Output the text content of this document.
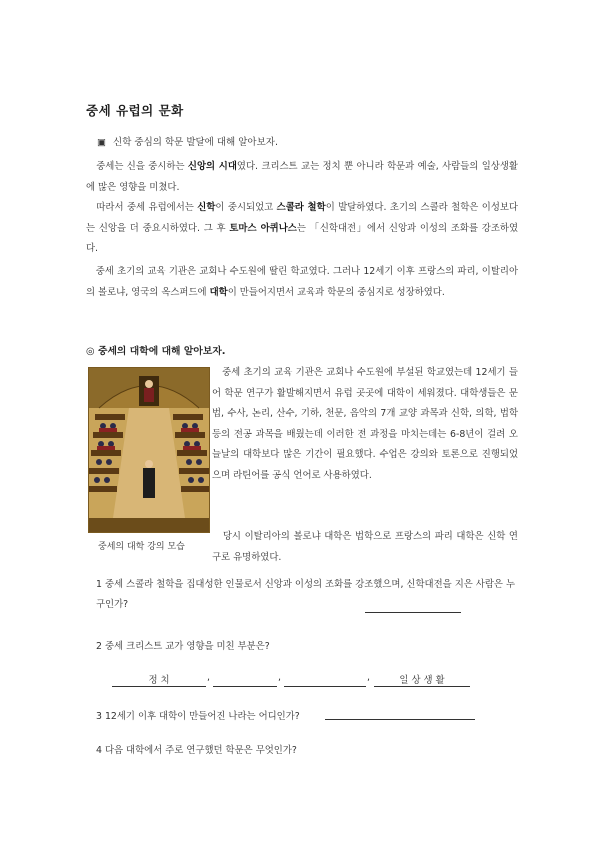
중세 유럽의 문화
▣ 신학 중심의 학문 발달에 대해 알아보자.
중세는 신을 중시하는 신앙의 시대였다. 크리스트 교는 정치 뿐 아니라 학문과 예술, 사람들의 일상생활에 많은 영향을 미쳤다.
따라서 중세 유럽에서는 신학이 중시되었고 스콜라 철학이 발달하였다. 초기의 스콜라 철학은 이성보다는 신앙을 더 중요시하였다. 그 후 토마스 아퀴나스는 「신학대전」에서 신앙과 이성의 조화를 강조하였다.
중세 초기의 교육 기관은 교회나 수도원에 딸린 학교였다. 그러나 12세기 이후 프랑스의 파리, 이탈리아의 볼로냐, 영국의 옥스퍼드에 대학이 만들어지면서 교육과 학문의 중심지로 성장하였다.
◎ 중세의 대학에 대해 알아보자.
중세의 대학 강의 모습
중세 초기의 교육 기관은 교회나 수도원에 부설된 학교였는데 12세기 들어 학문 연구가 활발해지면서 유럽 곳곳에 대학이 세워졌다. 대학생들은 문법, 수사, 논리, 산수, 기하, 천문, 음악의 7개 교양 과목과 신학, 의학, 법학 등의 전공 과목을 배웠는데 이러한 전 과정을 마치는데는 6-8년이 걸려 오늘날의 대학보다 많은 기간이 필요했다. 수업은 강의와 토론으로 진행되었으며 라틴어를 공식 언어로 사용하였다.
당시 이탈리아의 볼로냐 대학은 법학으로 프랑스의 파리 대학은 신학 연구로 유명하였다.
1 중세 스콜라 철학을 집대성한 인물로서 신앙과 이성의 조화를 강조했으며, 신학대전을 지은 사람은 누구인가?
2 중세 크리스트 교가 영향을 미친 부분은?
정 치	,	,	,	일 상 생 활
3 12세기 이후 대학이 만들어진 나라는 어디인가?
4 다음 대학에서 주로 연구했던 학문은 무엇인가?
